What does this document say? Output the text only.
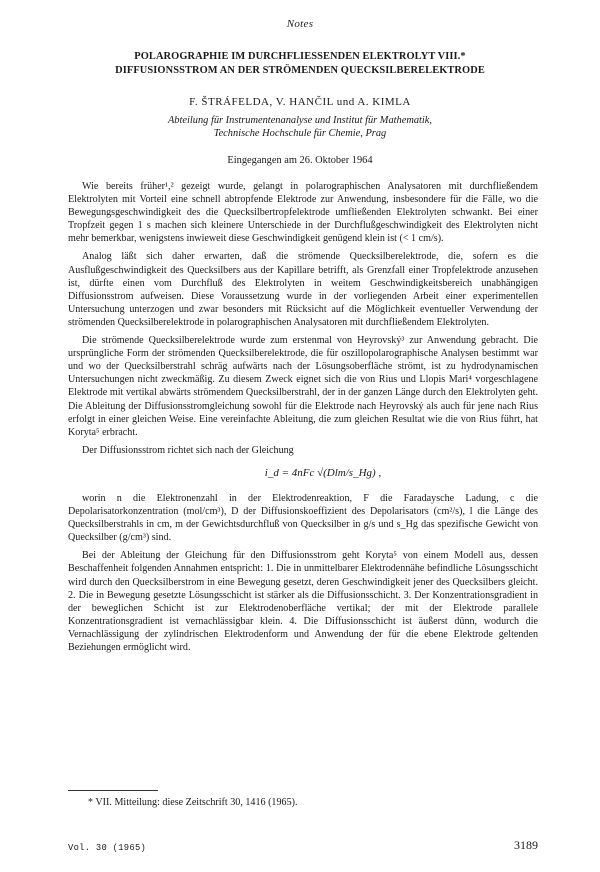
Notes
POLAROGRAPHIE IM DURCHFLIESSENDEN ELEKTROLYT VIII.*
DIFFUSIONSSTROM AN DER STRÖMENDEN QUECKSILBERELEKTRODE
F. ŠTRÁFELDA, V. HANČIL und A. KIMLA
Abteilung für Instrumentenanalyse und Institut für Mathematik,
Technische Hochschule für Chemie, Prag
Eingegangen am 26. Oktober 1964

Wie bereits früher¹,² gezeigt wurde, gelangt in polarographischen Analysatoren mit durchfließendem Elektrolyten mit Vorteil eine schnell abtropfende Elektrode zur Anwendung, insbesondere für die Fälle, wo die Bewegungsgeschwindigkeit des die Quecksilbertropfelektrode umfließenden Elektrolyten schwankt. Bei einer Tropfzeit gegen 1 s machen sich kleinere Unterschiede in der Durchflußgeschwindigkeit des Elektrolyten nicht mehr bemerkbar, wenigstens inwieweit diese Geschwindigkeit genügend klein ist (< 1 cm/s).

Analog läßt sich daher erwarten, daß die strömende Quecksilberelektrode, die, sofern es die Ausflußgeschwindigkeit des Quecksilbers aus der Kapillare betrifft, als Grenzfall einer Tropfelektrode anzusehen ist, dürfte einen vom Durchfluß des Elektrolyten in weitem Geschwindigkeitsbereich unabhängigen Diffusionsstrom aufweisen. Diese Voraussetzung wurde in der vorliegenden Arbeit einer experimentellen Untersuchung unterzogen und zwar besonders mit Rücksicht auf die Möglichkeit eventueller Verwendung der strömenden Quecksilberelektrode in polarographischen Analysatoren mit durchfließendem Elektrolyten.

Die strömende Quecksilberelektrode wurde zum erstenmal von Heyrovský³ zur Anwendung gebracht. Die ursprüngliche Form der strömenden Quecksilberelektrode, die für oszillopolarographische Analysen bestimmt war und wo der Quecksilberstrahl schräg aufwärts nach der Lösungsoberfläche strömt, ist zu hydrodynamischen Untersuchungen nicht zweckmäßig. Zu diesem Zweck eignet sich die von Rius und Llopis Mari⁴ vorgeschlagene Elektrode mit vertikal abwärts strömendem Quecksilberstrahl, der in der ganzen Länge durch den Elektrolyten geht. Die Ableitung der Diffusionsstromgleichung sowohl für die Elektrode nach Heyrovský als auch für jene nach Rius erfolgt in einer gleichen Weise. Eine vereinfachte Ableitung, die zum gleichen Resultat wie die von Rius führt, hat Koryta⁵ erbracht.

Der Diffusionsstrom richtet sich nach der Gleichung

i_d = 4nFc √(Dlm/s_Hg) ,

worin n die Elektronenzahl in der Elektrodenreaktion, F die Faradaysche Ladung, c die Depolarisatorkonzentration (mol/cm³), D der Diffusionskoeffizient des Depolarisators (cm²/s), l die Länge des Quecksilberstrahls in cm, m der Gewichtsdurchfluß von Quecksilber in g/s und s_Hg das spezifische Gewicht von Quecksilber (g/cm³) sind.

Bei der Ableitung der Gleichung für den Diffusionsstrom geht Koryta⁵ von einem Modell aus, dessen Beschaffenheit folgenden Annahmen entspricht: 1. Die in unmittelbarer Elektrodennähe befindliche Lösungsschicht wird durch den Quecksilberstrom in eine Bewegung gesetzt, deren Geschwindigkeit jener des Quecksilbers gleicht. 2. Die in Bewegung gesetzte Lösungsschicht ist stärker als die Diffusionsschicht. 3. Der Konzentrationsgradient in der beweglichen Schicht ist zur Elektrodenoberfläche vertikal; der mit der Elektrode parallele Konzentrationsgradient ist vernachlässigbar klein. 4. Die Diffusionsschicht ist äußerst dünn, wodurch die Vernachlässigung der zylindrischen Elektrodenform und Anwendung der für die ebene Elektrode geltenden Beziehungen ermöglicht wird.

* VII. Mitteilung: diese Zeitschrift 30, 1416 (1965).
Vol. 30 (1965)	3189
